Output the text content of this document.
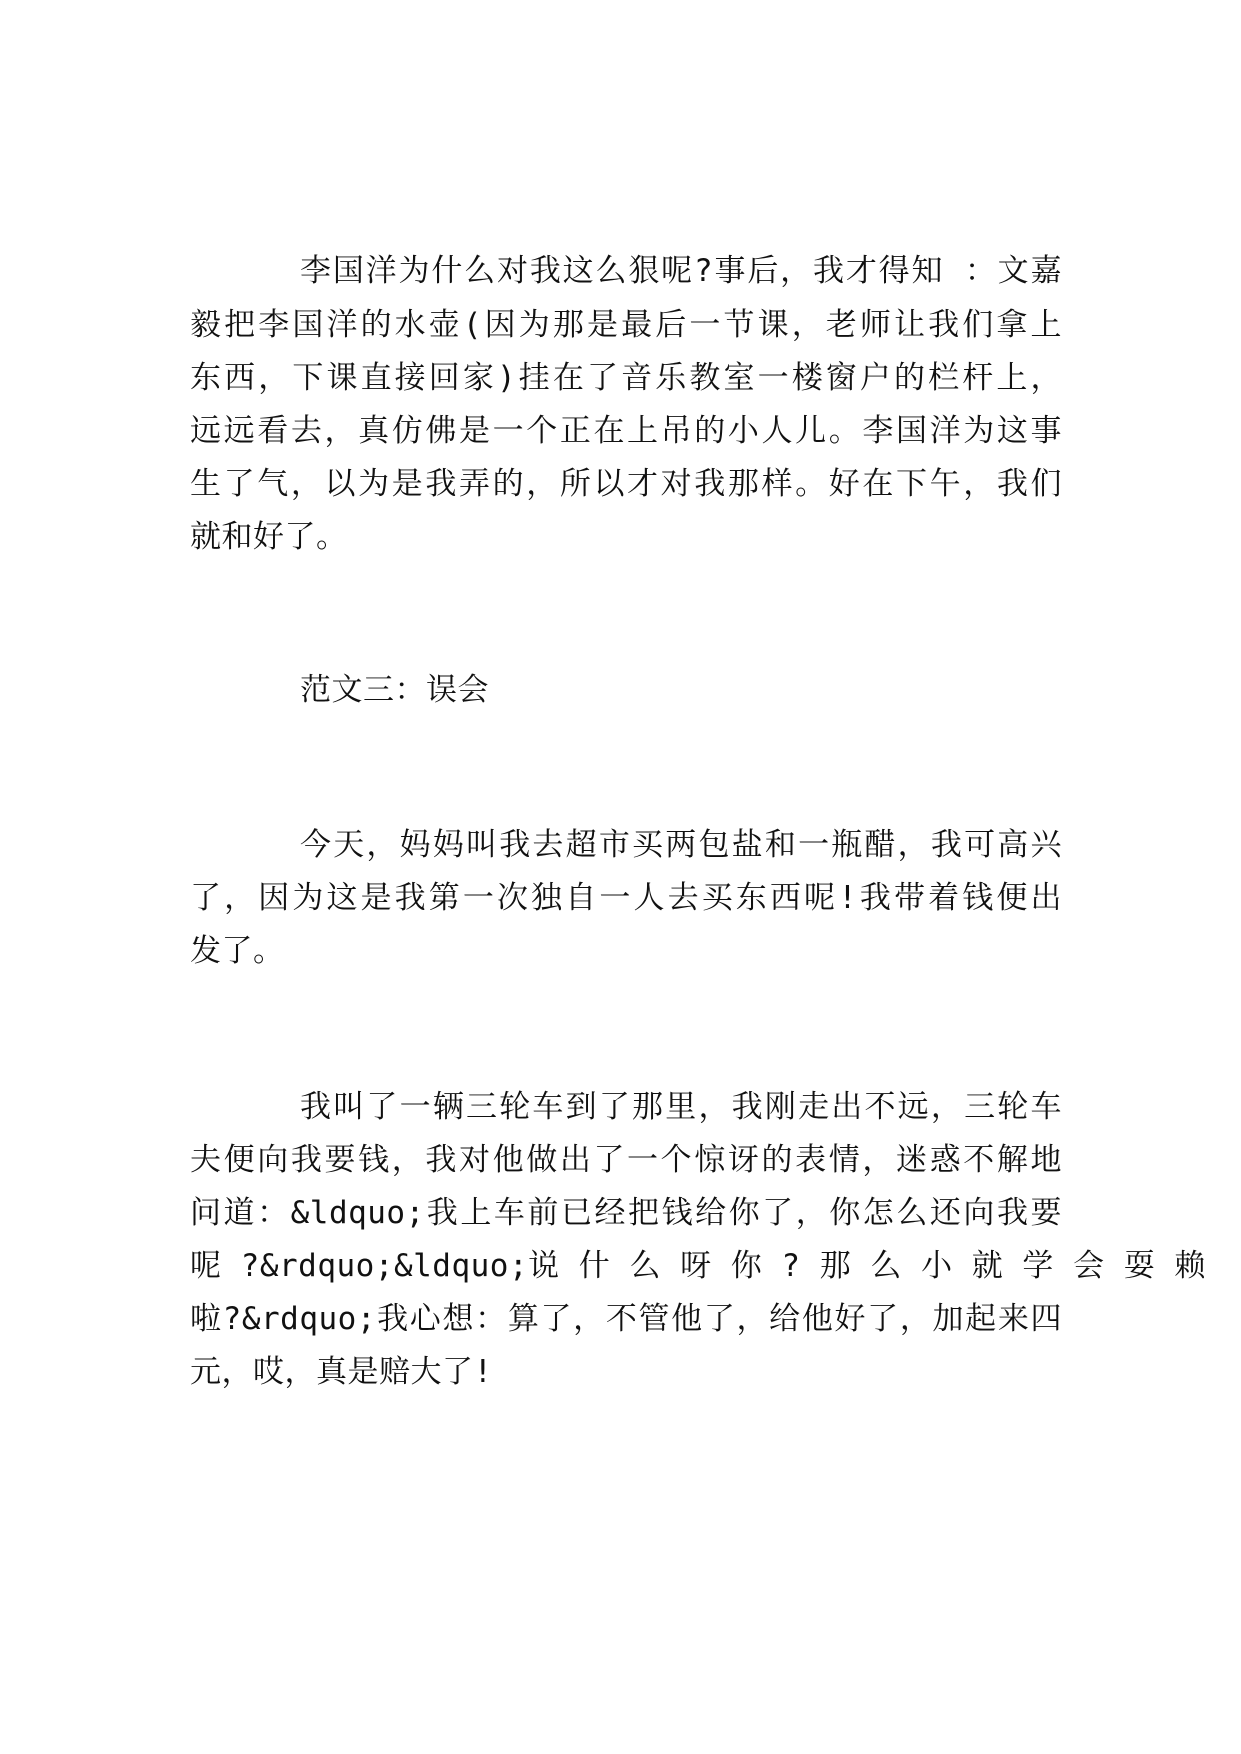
李国洋为什么对我这么狠呢?事后，我才得知 ：文嘉
毅把李国洋的水壶(因为那是最后一节课，老师让我们拿上
东西，下课直接回家)挂在了音乐教室一楼窗户的栏杆上，
远远看去，真仿佛是一个正在上吊的小人儿。李国洋为这事
生了气，以为是我弄的，所以才对我那样。好在下午，我们
就和好了。
范文三：误会
今天，妈妈叫我去超市买两包盐和一瓶醋，我可高兴
了，因为这是我第一次独自一人去买东西呢!我带着钱便出
发了。
我叫了一辆三轮车到了那里，我刚走出不远，三轮车
夫便向我要钱，我对他做出了一个惊讶的表情，迷惑不解地
问道：&ldquo;我上车前已经把钱给你了，你怎么还向我要
呢 ?&rdquo;&ldquo;说 什 么 呀 你 ? 那 么 小 就 学 会 耍 赖
啦?&rdquo;我心想：算了，不管他了，给他好了，加起来四
元，哎，真是赔大了!
